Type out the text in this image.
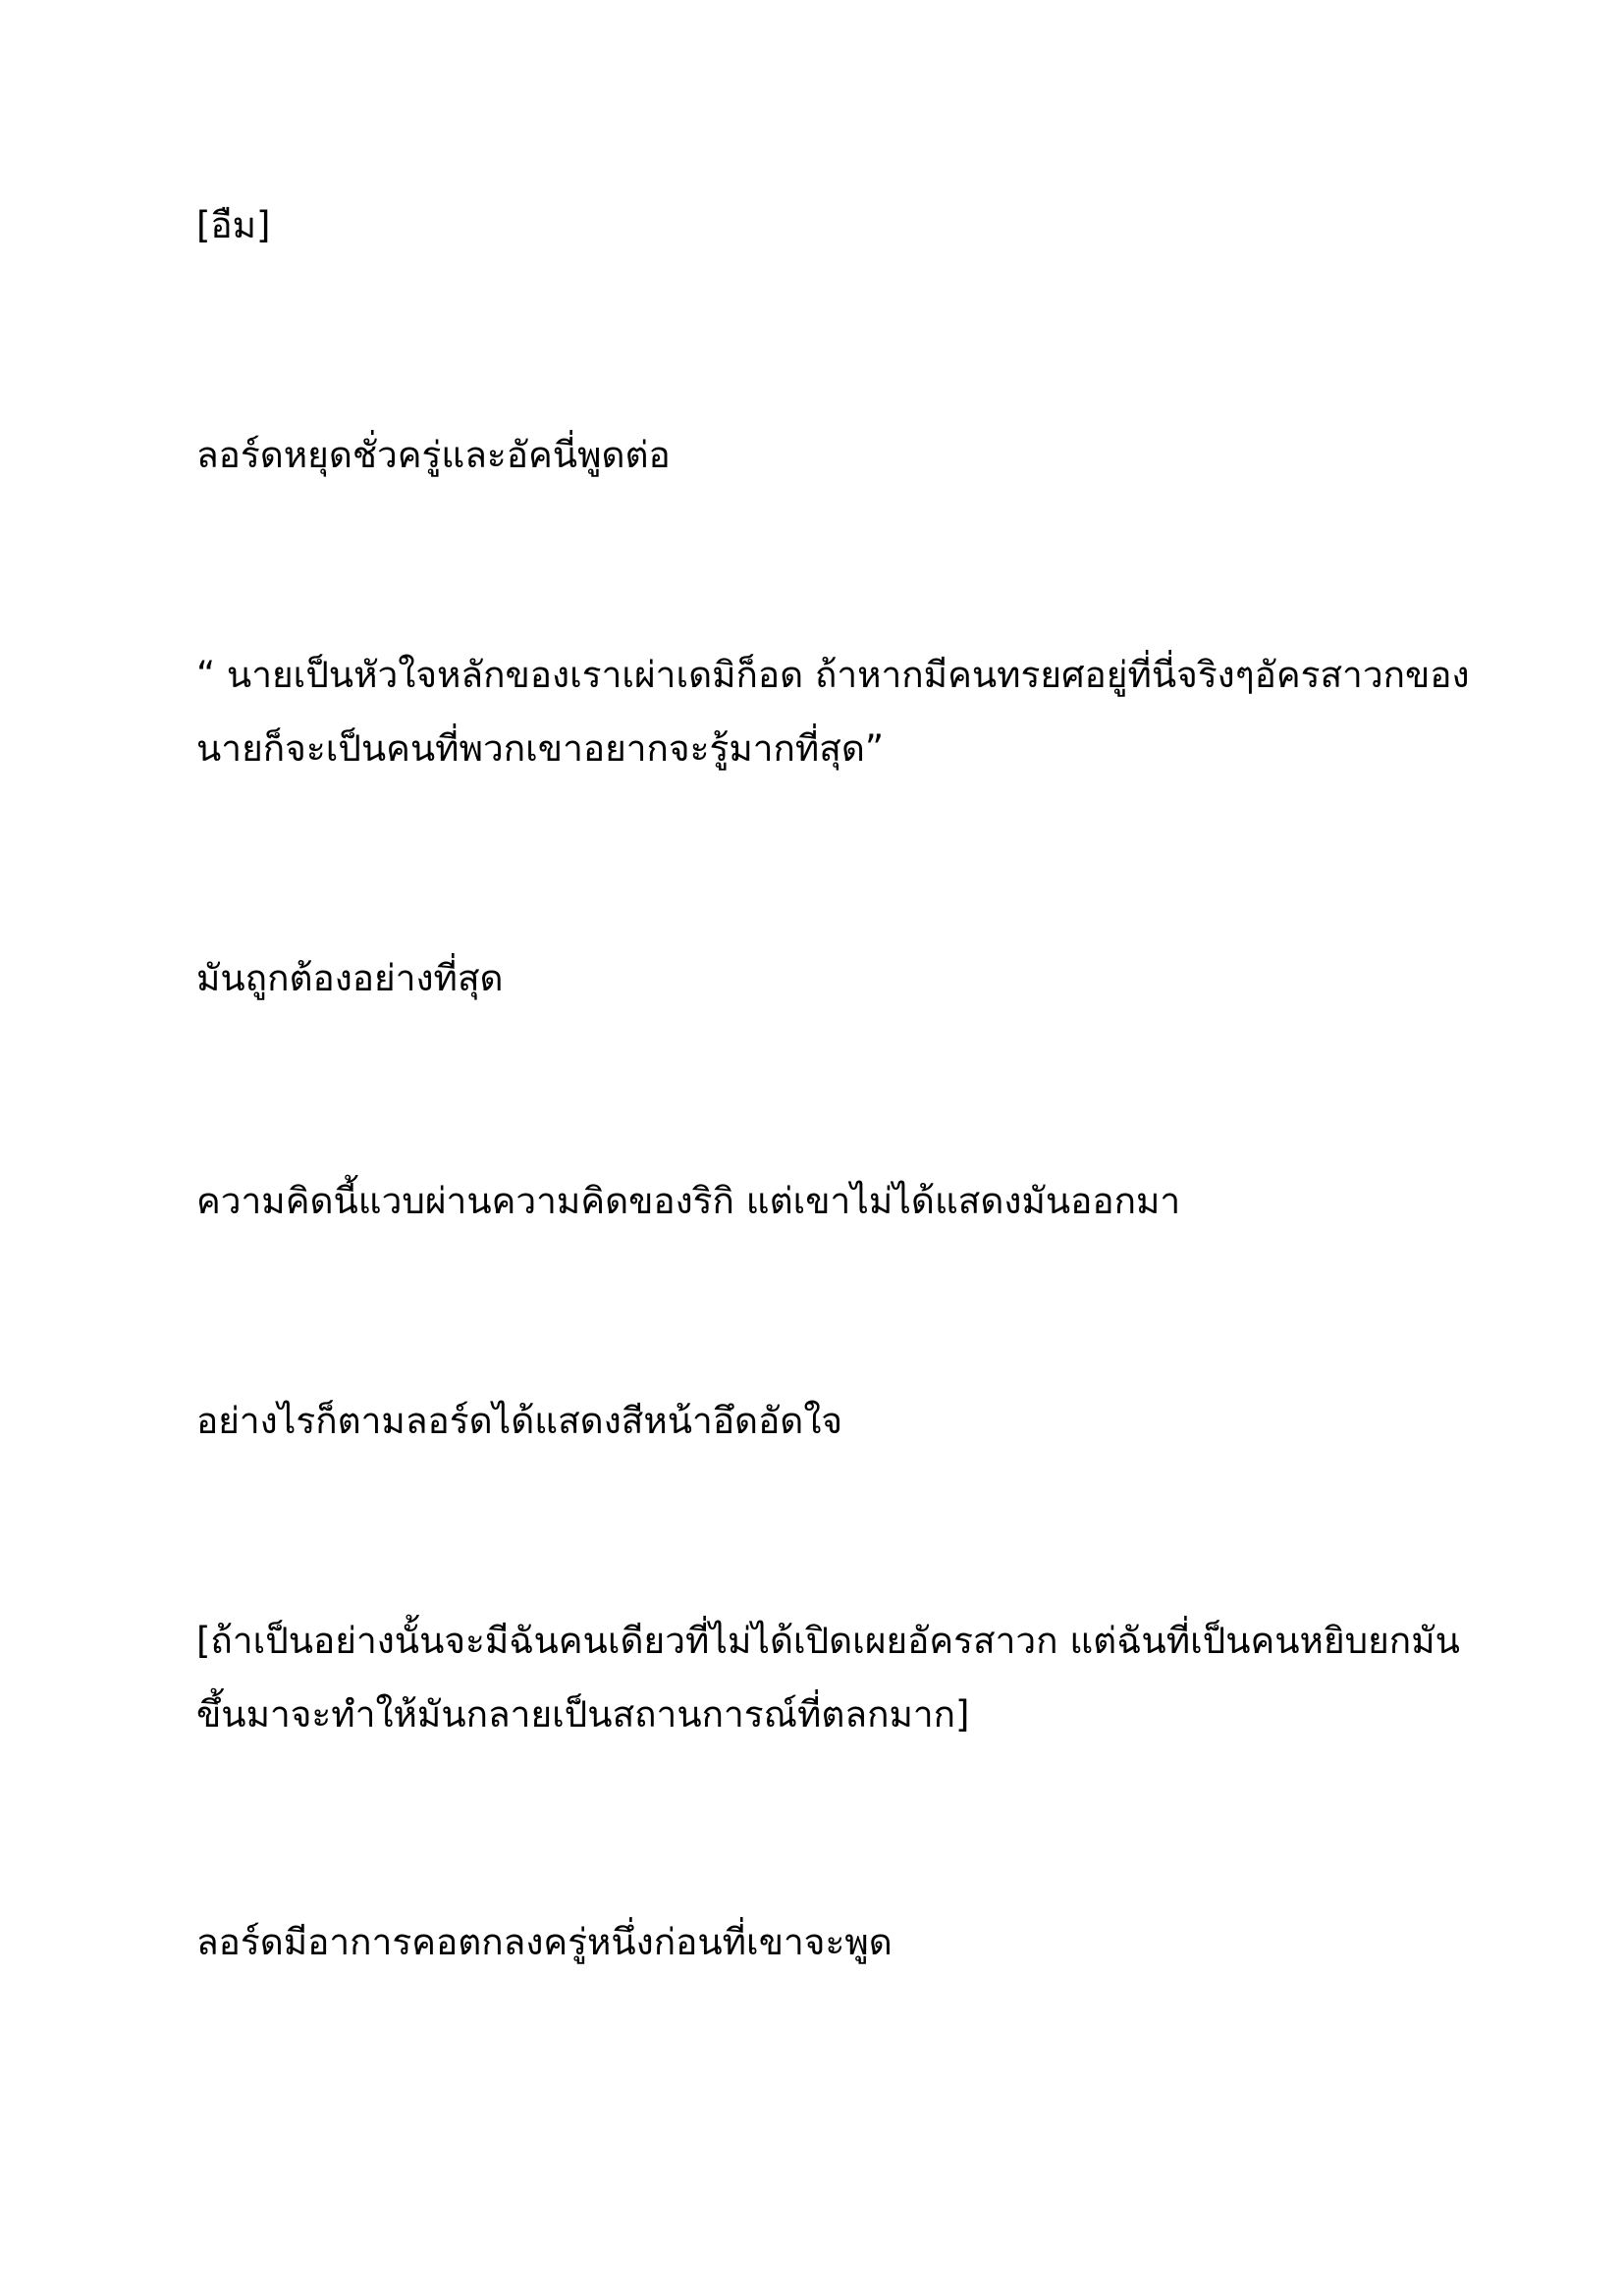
[อืม]

ลอร์ดหยุดชั่วครู่และอัคนี่พูดต่อ

“ นายเป็นหัวใจหลักของเราเผ่าเดมิก็อด ถ้าหากมีคนทรยศอยู่ที่นี่จริงๆอัครสาวกของ
นายก็จะเป็นคนที่พวกเขาอยากจะรู้มากที่สุด”

มันถูกต้องอย่างที่สุด

ความคิดนี้แวบผ่านความคิดของริกิ แต่เขาไม่ได้แสดงมันออกมา

อย่างไรก็ตามลอร์ดได้แสดงสีหน้าอึดอัดใจ

[ถ้าเป็นอย่างนั้นจะมีฉันคนเดียวที่ไม่ได้เปิดเผยอัครสาวก แต่ฉันที่เป็นคนหยิบยกมัน
ขึ้นมาจะทำให้มันกลายเป็นสถานการณ์ที่ตลกมาก]

ลอร์ดมีอาการคอตกลงครู่หนึ่งก่อนที่เขาจะพูด
